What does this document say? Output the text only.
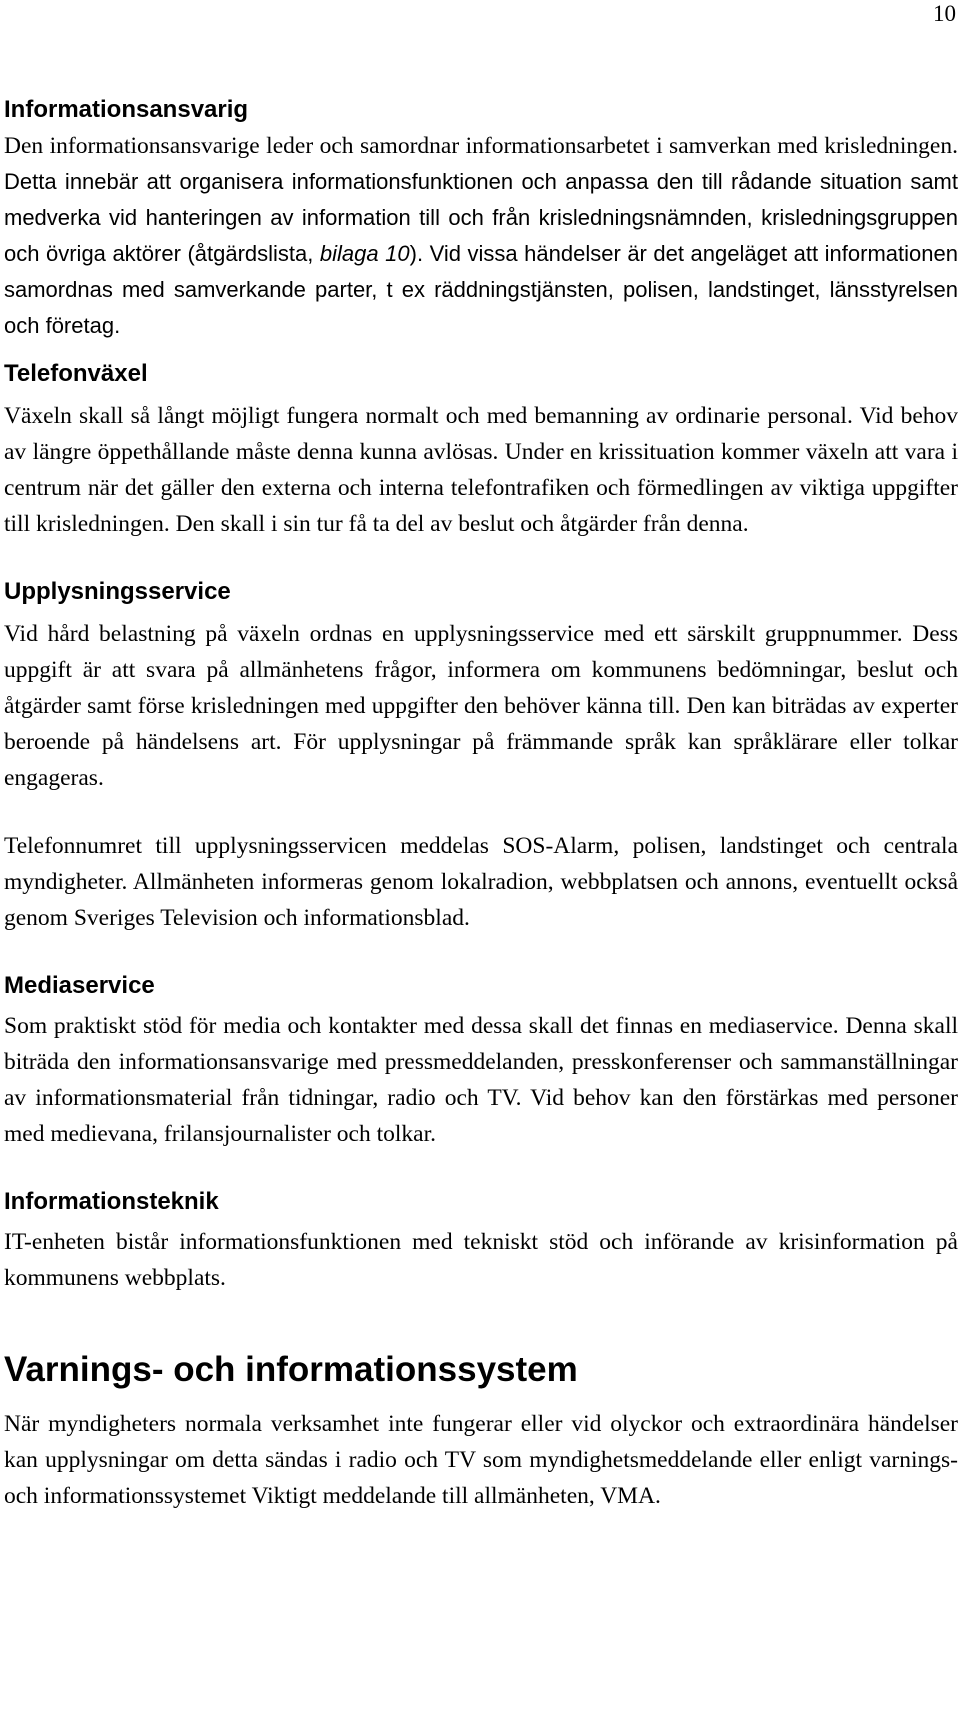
10
Informationsansvarig

Den informationsansvarige leder och samordnar informationsarbetet i samverkan med krisledningen. Detta innebär att organisera informationsfunktionen och anpassa den till rådande situation samt medverka vid hanteringen av information till och från krisledningsnämnden, krisledningsgruppen och övriga aktörer (åtgärdslista, bilaga 10). Vid vissa händelser är det angeläget att informationen samordnas med samverkande parter, t ex räddningstjänsten, polisen, landstinget, länsstyrelsen och företag.

Telefonväxel

Växeln skall så långt möjligt fungera normalt och med bemanning av ordinarie personal. Vid behov av längre öppethållande måste denna kunna avlösas. Under en krissituation kommer växeln att vara i centrum när det gäller den externa och interna telefontrafiken och förmedlingen av viktiga uppgifter till krisledningen. Den skall i sin tur få ta del av beslut och åtgärder från denna.

Upplysningsservice

Vid hård belastning på växeln ordnas en upplysningsservice med ett särskilt gruppnummer. Dess uppgift är att svara på allmänhetens frågor, informera om kommunens bedömningar, beslut och åtgärder samt förse krisledningen med uppgifter den behöver känna till. Den kan biträdas av experter beroende på händelsens art. För upplysningar på främmande språk kan språklärare eller tolkar engageras.

Telefonnumret till upplysningsservicen meddelas SOS-Alarm, polisen, landstinget och centrala myndigheter. Allmänheten informeras genom lokalradion, webbplatsen och annons, eventuellt också genom Sveriges Television och informationsblad.

Mediaservice

Som praktiskt stöd för media och kontakter med dessa skall det finnas en mediaservice. Denna skall biträda den informationsansvarige med pressmeddelanden, presskonferenser och sammanställningar av informationsmaterial från tidningar, radio och TV. Vid behov kan den förstärkas med personer med medievana, frilansjournalister och tolkar.

Informationsteknik

IT-enheten bistår informationsfunktionen med tekniskt stöd och införande av krisinformation på kommunens webbplats.

Varnings- och informationssystem

När myndigheters normala verksamhet inte fungerar eller vid olyckor och extraordinära händelser kan upplysningar om detta sändas i radio och TV som myndighetsmeddelande eller enligt varnings- och informationssystemet Viktigt meddelande till allmänheten, VMA.
